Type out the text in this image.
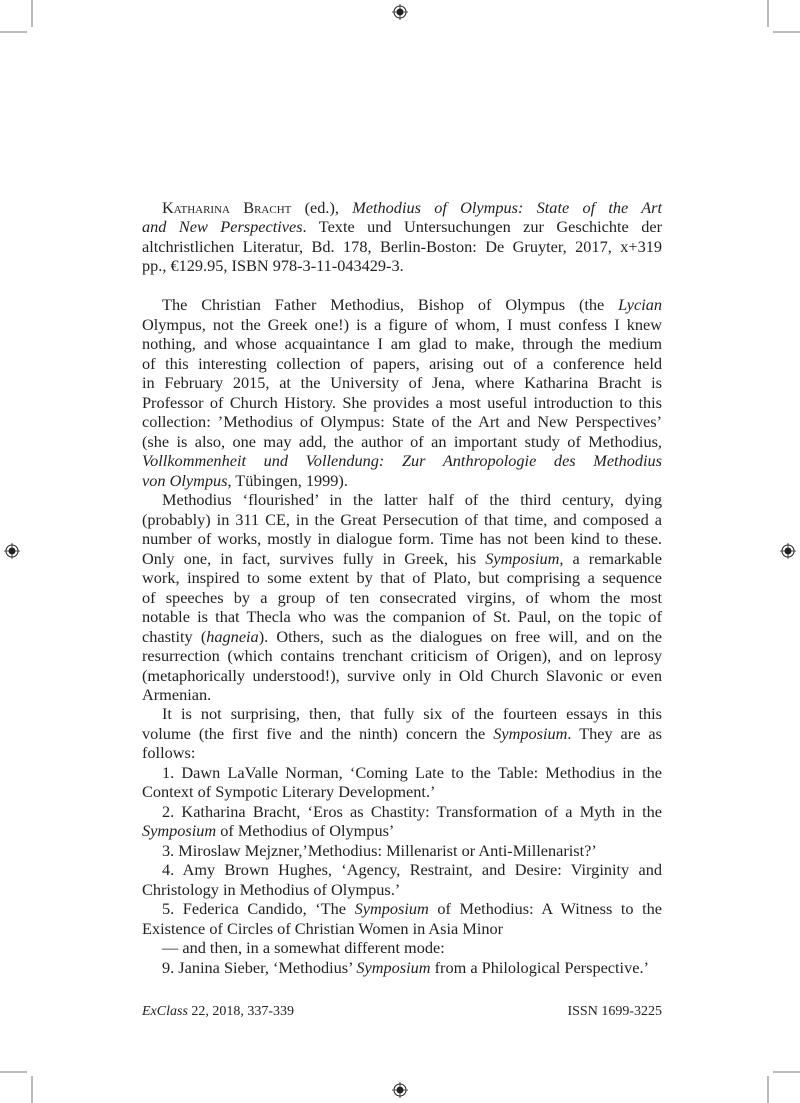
Katharina Bracht (ed.), Methodius of Olympus: State of the Art
and New Perspectives. Texte und Untersuchungen zur Geschichte der
altchristlichen Literatur, Bd. 178, Berlin-Boston: De Gruyter, 2017, x+319
pp., €129.95, ISBN 978-3-11-043429-3.
The Christian Father Methodius, Bishop of Olympus (the Lycian
Olympus, not the Greek one!) is a figure of whom, I must confess I knew
nothing, and whose acquaintance I am glad to make, through the medium
of this interesting collection of papers, arising out of a conference held
in February 2015, at the University of Jena, where Katharina Bracht is
Professor of Church History. She provides a most useful introduction to this
collection: ’Methodius of Olympus: State of the Art and New Perspectives’
(she is also, one may add, the author of an important study of Methodius,
Vollkommenheit und Vollendung: Zur Anthropologie des Methodius
von Olympus, Tübingen, 1999).
Methodius ‘flourished’ in the latter half of the third century, dying
(probably) in 311 CE, in the Great Persecution of that time, and composed a
number of works, mostly in dialogue form. Time has not been kind to these.
Only one, in fact, survives fully in Greek, his Symposium, a remarkable
work, inspired to some extent by that of Plato, but comprising a sequence
of speeches by a group of ten consecrated virgins, of whom the most
notable is that Thecla who was the companion of St. Paul, on the topic of
chastity (hagneia). Others, such as the dialogues on free will, and on the
resurrection (which contains trenchant criticism of Origen), and on leprosy
(metaphorically understood!), survive only in Old Church Slavonic or even
Armenian.
It is not surprising, then, that fully six of the fourteen essays in this
volume (the first five and the ninth) concern the Symposium. They are as
follows:
1. Dawn LaValle Norman, ‘Coming Late to the Table: Methodius in the
Context of Sympotic Literary Development.’
2. Katharina Bracht, ‘Eros as Chastity: Transformation of a Myth in the
Symposium of Methodius of Olympus’
3. Miroslaw Mejzner,’Methodius: Millenarist or Anti-Millenarist?’
4. Amy Brown Hughes, ‘Agency, Restraint, and Desire: Virginity and
Christology in Methodius of Olympus.’
5. Federica Candido, ‘The Symposium of Methodius: A Witness to the
Existence of Circles of Christian Women in Asia Minor
— and then, in a somewhat different mode:
9. Janina Sieber, ‘Methodius’ Symposium from a Philological Perspective.’
ExClass 22, 2018, 337-339	ISSN 1699-3225
